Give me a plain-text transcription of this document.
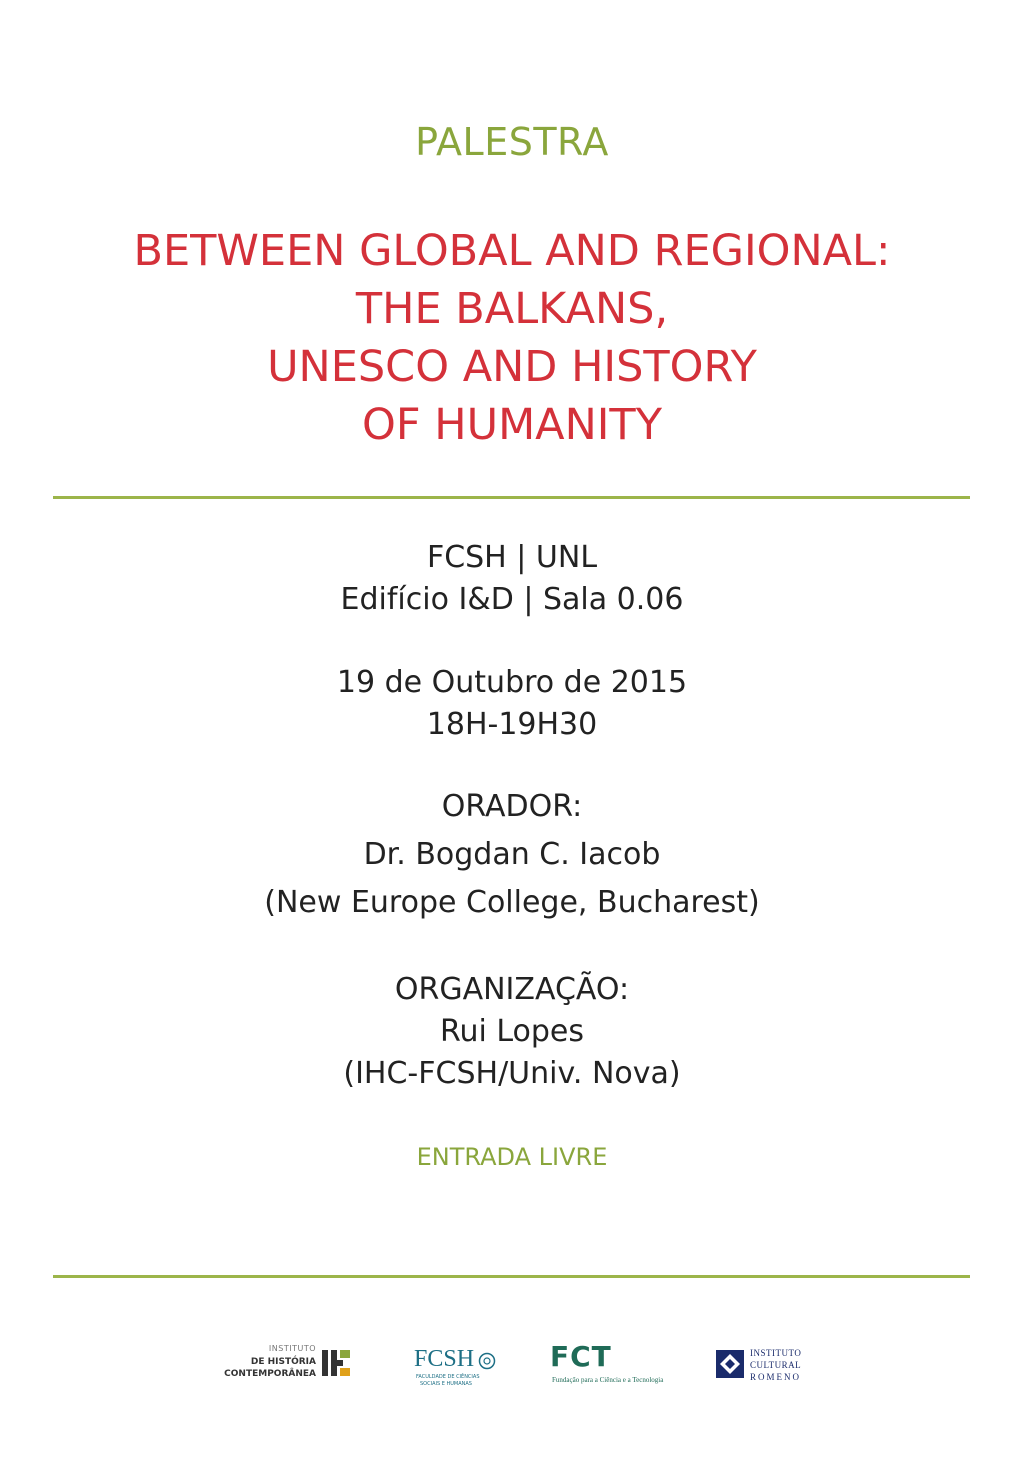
PALESTRA
BETWEEN GLOBAL AND REGIONAL:
THE BALKANS,
UNESCO AND HISTORY
OF HUMANITY
FCSH | UNL
Edifício I&D | Sala 0.06
19 de Outubro de 2015
18H-19H30
ORADOR:
Dr. Bogdan C. Iacob
(New Europe College, Bucharest)
ORGANIZAÇÃO:
Rui Lopes
(IHC-FCSH/Univ. Nova)
ENTRADA LIVRE
INSTITUTO
DE HISTÓRIA
CONTEMPORÂNEA
FCSH
FACULDADE DE CIÊNCIAS
SOCIAIS E HUMANAS
FCT
Fundação para a Ciência e a Tecnologia
INSTITUTO
CULTURAL
ROMENO
